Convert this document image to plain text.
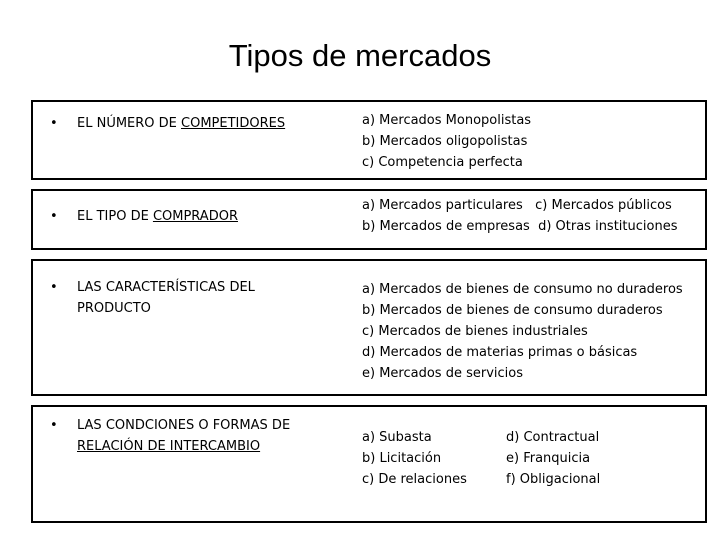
Tipos de mercados
• EL NÚMERO DE COMPETIDORES	a) Mercados Monopolistas
b) Mercados oligopolistas
c) Competencia perfecta
• EL TIPO DE COMPRADOR
a) Mercados particulares   c) Mercados públicos
b) Mercados de empresas  d) Otras instituciones
• LAS CARACTERÍSTICAS DEL
PRODUCTO
a) Mercados de bienes de consumo no duraderos
b) Mercados de bienes de consumo duraderos
c) Mercados de bienes industriales
d) Mercados de materias primas o básicas
e) Mercados de servicios
• LAS CONDCIONES O FORMAS DE
RELACIÓN DE INTERCAMBIO
a) Subasta
b) Licitación
c) De relaciones
d) Contractual
e) Franquicia
f) Obligacional
